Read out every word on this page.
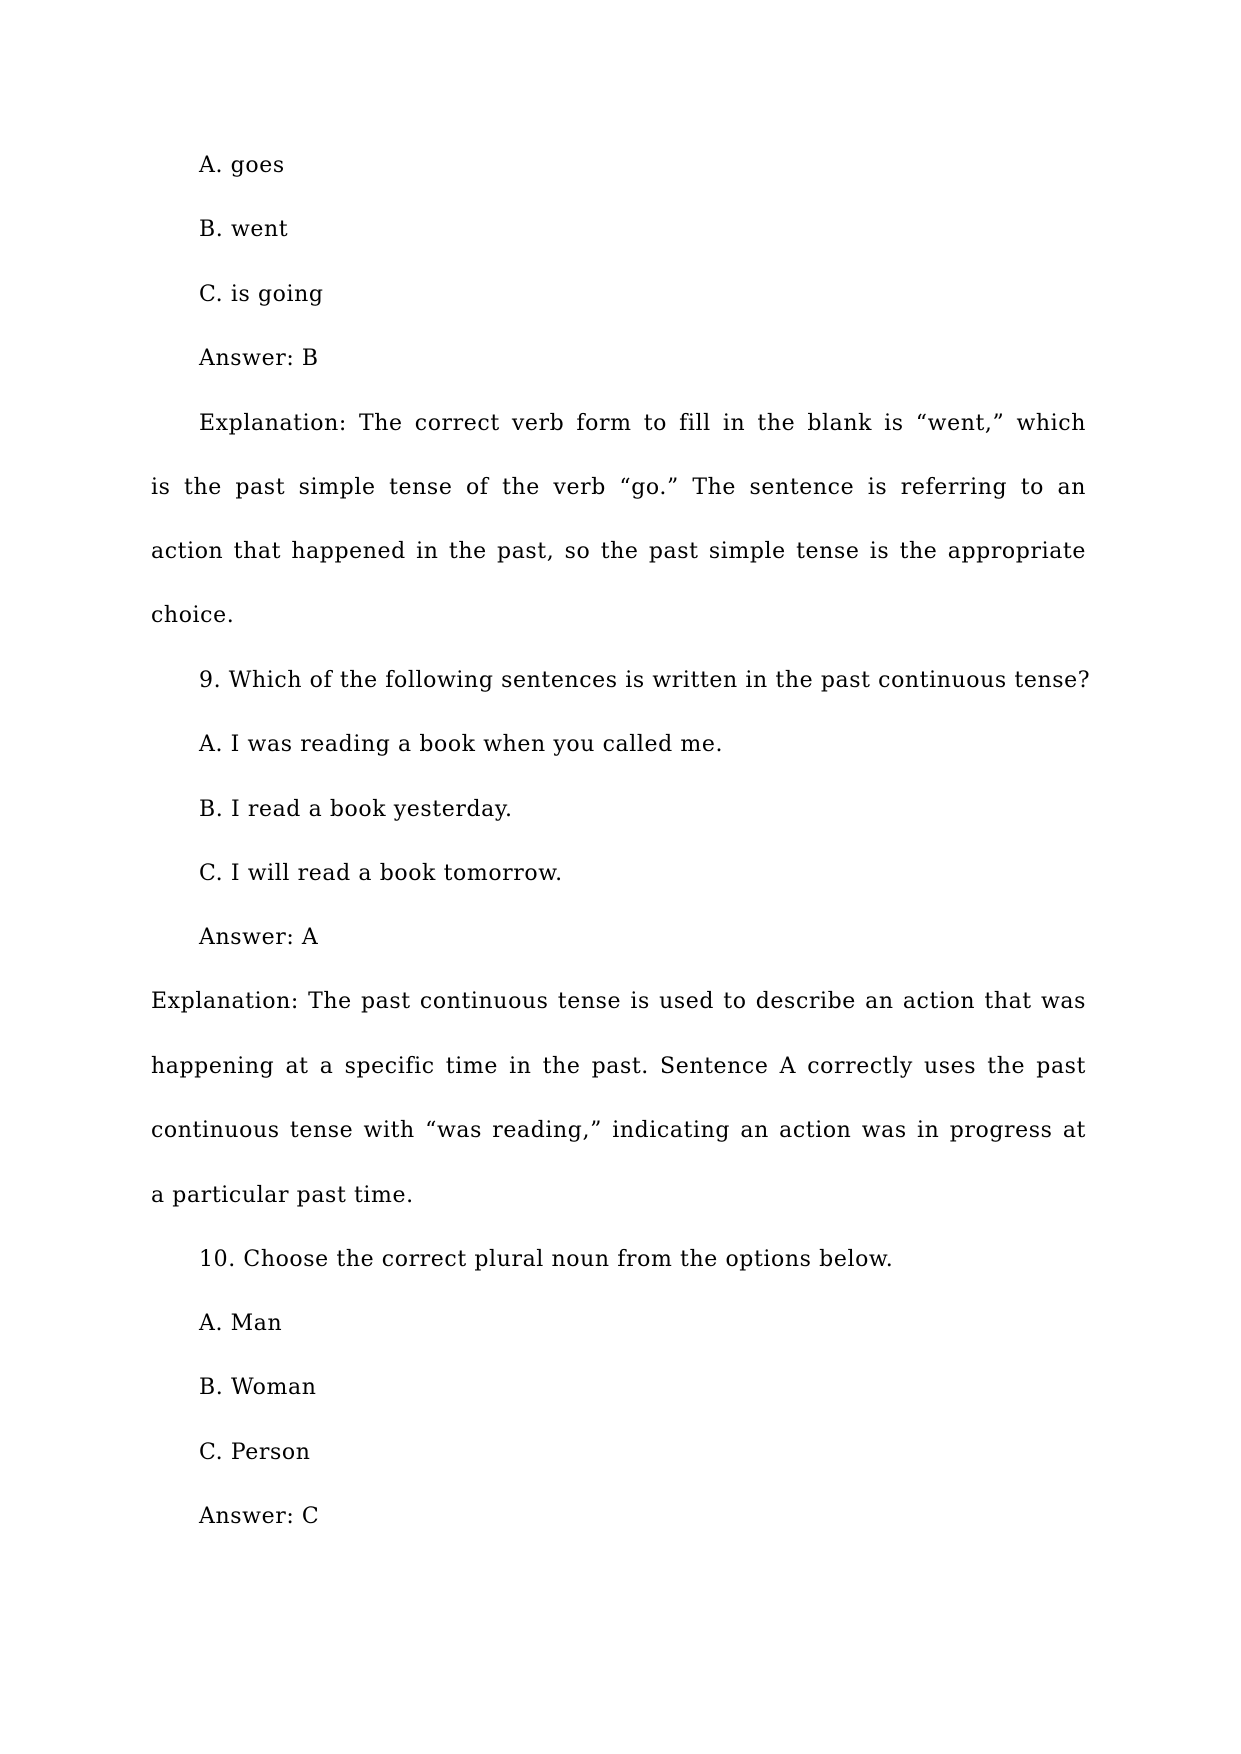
A. goes
B. went
C. is going
Answer: B
Explanation: The correct verb form to fill in the blank is “went,” which
is the past simple tense of the verb “go.” The sentence is referring to an
action that happened in the past, so the past simple tense is the appropriate
choice.
9. Which of the following sentences is written in the past continuous tense?
A. I was reading a book when you called me.
B. I read a book yesterday.
C. I will read a book tomorrow.
Answer: A
Explanation: The past continuous tense is used to describe an action that was
happening at a specific time in the past. Sentence A correctly uses the past
continuous tense with “was reading,” indicating an action was in progress at
a particular past time.
10. Choose the correct plural noun from the options below.
A. Man
B. Woman
C. Person
Answer: C
